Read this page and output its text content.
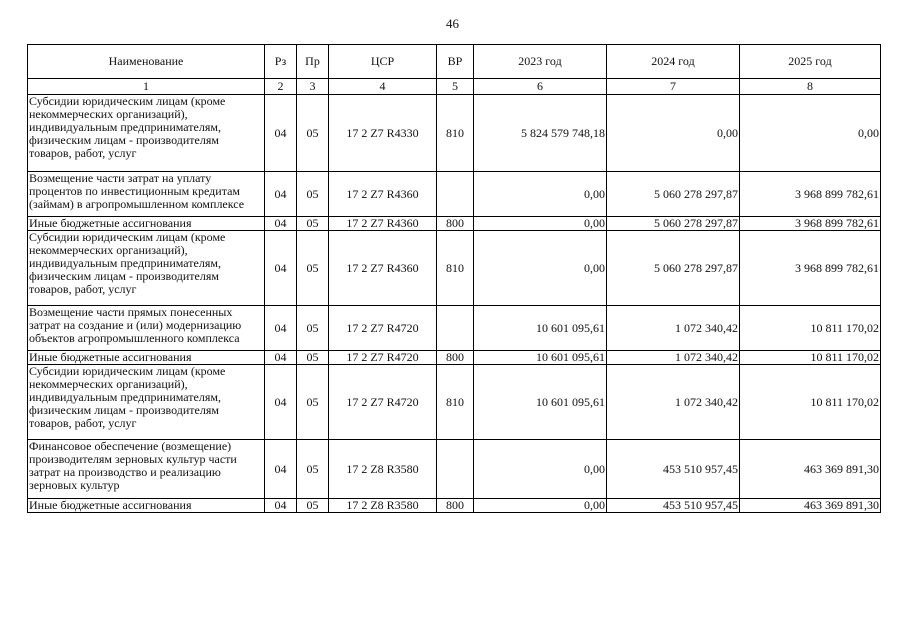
46
Наименование	Рз	Пр	ЦСР	ВР	2023 год	2024 год	2025 год
1	2	3	4	5	6	7	8
Субсидии юридическим лицам (кроме некоммерческих организаций), индивидуальным предпринимателям, физическим лицам - производителям товаров, работ, услуг	04	05	17 2 Z7 R4330	810	5 824 579 748,18	0,00	0,00
Возмещение части затрат на уплату процентов по инвестиционным кредитам (займам) в агропромышленном комплексе	04	05	17 2 Z7 R4360		0,00	5 060 278 297,87	3 968 899 782,61
Иные бюджетные ассигнования	04	05	17 2 Z7 R4360	800	0,00	5 060 278 297,87	3 968 899 782,61
Субсидии юридическим лицам (кроме некоммерческих организаций), индивидуальным предпринимателям, физическим лицам - производителям товаров, работ, услуг	04	05	17 2 Z7 R4360	810	0,00	5 060 278 297,87	3 968 899 782,61
Возмещение части прямых понесенных затрат на создание и (или) модернизацию объектов агропромышленного комплекса	04	05	17 2 Z7 R4720		10 601 095,61	1 072 340,42	10 811 170,02
Иные бюджетные ассигнования	04	05	17 2 Z7 R4720	800	10 601 095,61	1 072 340,42	10 811 170,02
Субсидии юридическим лицам (кроме некоммерческих организаций), индивидуальным предпринимателям, физическим лицам - производителям товаров, работ, услуг	04	05	17 2 Z7 R4720	810	10 601 095,61	1 072 340,42	10 811 170,02
Финансовое обеспечение (возмещение) производителям зерновых культур части затрат на производство и реализацию зерновых культур	04	05	17 2 Z8 R3580		0,00	453 510 957,45	463 369 891,30
Иные бюджетные ассигнования	04	05	17 2 Z8 R3580	800	0,00	453 510 957,45	463 369 891,30
